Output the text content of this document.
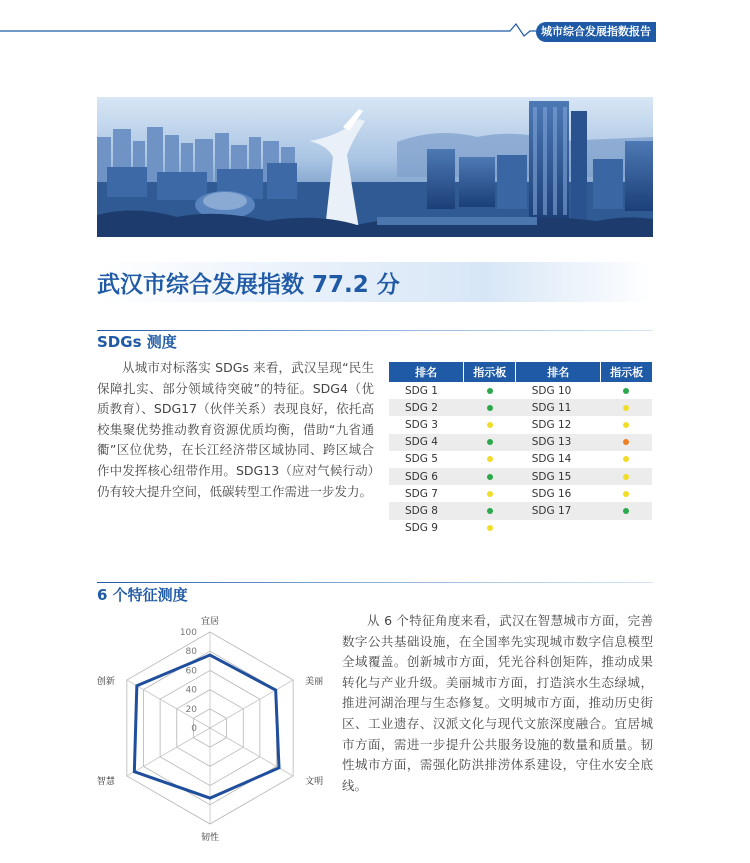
城市综合发展指数报告
武汉市综合发展指数 77.2 分
SDGs 测度
从城市对标落实 SDGs 来看，武汉呈现“民生保障扎实、部分领域待突破”的特征。SDG4（优质教育）、SDG17（伙伴关系）表现良好，依托高校集聚优势推动教育资源优质均衡，借助“九省通衢”区位优势，在长江经济带区域协同、跨区域合作中发挥核心纽带作用。SDG13（应对气候行动）仍有较大提升空间，低碳转型工作需进一步发力。
排名	指示板	排名	指示板
SDG 1		SDG 10	
SDG 2		SDG 11	
SDG 3		SDG 12	
SDG 4		SDG 13	
SDG 5		SDG 14	
SDG 6		SDG 15	
SDG 7		SDG 16	
SDG 8		SDG 17	
SDG 9			
6 个特征测度
从 6 个特征角度来看，武汉在智慧城市方面，完善数字公共基础设施，在全国率先实现城市数字信息模型全域覆盖。创新城市方面，凭光谷科创矩阵，推动成果转化与产业升级。美丽城市方面，打造滨水生态绿城，推进河湖治理与生态修复。文明城市方面，推动历史街区、工业遗存、汉派文化与现代文旅深度融合。宜居城市方面，需进一步提升公共服务设施的数量和质量。韧性城市方面，需强化防洪排涝体系建设，守住水安全底线。
0
20
40
60
80
100
宜居
美丽
文明
韧性
智慧
创新
